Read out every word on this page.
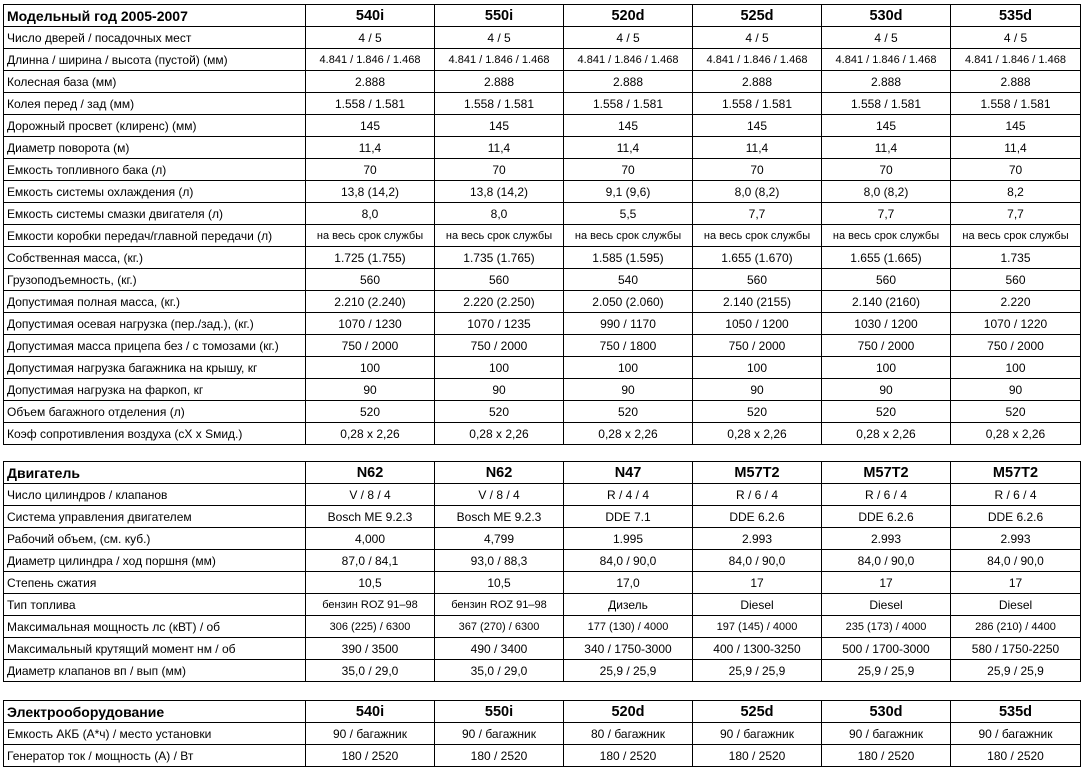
Модельный год 2005-2007	540i	550i	520d	525d	530d	535d
Число дверей / посадочных мест	4 / 5	4 / 5	4 / 5	4 / 5	4 / 5	4 / 5
Длинна / ширина / высота (пустой) (мм)	4.841 / 1.846 / 1.468	4.841 / 1.846 / 1.468	4.841 / 1.846 / 1.468	4.841 / 1.846 / 1.468	4.841 / 1.846 / 1.468	4.841 / 1.846 / 1.468
Колесная база (мм)	2.888	2.888	2.888	2.888	2.888	2.888
Колея перед / зад (мм)	1.558 / 1.581	1.558 / 1.581	1.558 / 1.581	1.558 / 1.581	1.558 / 1.581	1.558 / 1.581
Дорожный просвет (клиренс) (мм)	145	145	145	145	145	145
Диаметр поворота (м)	11,4	11,4	11,4	11,4	11,4	11,4
Емкость топливного бака (л)	70	70	70	70	70	70
Емкость системы охлаждения (л)	13,8 (14,2)	13,8 (14,2)	9,1 (9,6)	8,0 (8,2)	8,0 (8,2)	8,2
Емкость системы смазки двигателя (л)	8,0	8,0	5,5	7,7	7,7	7,7
Емкости коробки передач/главной передачи (л)	на весь срок службы	на весь срок службы	на весь срок службы	на весь срок службы	на весь срок службы	на весь срок службы
Собственная масса, (кг.)	1.725 (1.755)	1.735 (1.765)	1.585 (1.595)	1.655 (1.670)	1.655 (1.665)	1.735
Грузоподъемность, (кг.)	560	560	540	560	560	560
Допустимая полная масса, (кг.)	2.210 (2.240)	2.220 (2.250)	2.050 (2.060)	2.140 (2155)	2.140 (2160)	2.220
Допустимая осевая нагрузка (пер./зад.), (кг.)	1070 / 1230	1070 / 1235	990 / 1170	1050 / 1200	1030 / 1200	1070 / 1220
Допустимая масса прицепа без / с томозами (кг.)	750 / 2000	750 / 2000	750 / 1800	750 / 2000	750 / 2000	750 / 2000
Допустимая нагрузка багажника на крышу, кг	100	100	100	100	100	100
Допустимая нагрузка на фаркоп, кг	90	90	90	90	90	90
Объем багажного отделения (л)	520	520	520	520	520	520
Коэф сопротивления воздуха (cX x Sмид.)	0,28 x 2,26	0,28 x 2,26	0,28 x 2,26	0,28 x 2,26	0,28 x 2,26	0,28 x 2,26
Двигатель	N62	N62	N47	M57T2	M57T2	M57T2
Число цилиндров / клапанов	V / 8 / 4	V / 8 / 4	R / 4 / 4	R / 6 / 4	R / 6 / 4	R / 6 / 4
Система управления двигателем	Bosch ME 9.2.3	Bosch ME 9.2.3	DDE 7.1	DDE 6.2.6	DDE 6.2.6	DDE 6.2.6
Рабочий объем, (см. куб.)	4,000	4,799	1.995	2.993	2.993	2.993
Диаметр цилиндра / ход поршня (мм)	87,0 / 84,1	93,0 / 88,3	84,0 / 90,0	84,0 / 90,0	84,0 / 90,0	84,0 / 90,0
Степень сжатия	10,5	10,5	17,0	17	17	17
Тип топлива	бензин ROZ 91–98	бензин ROZ 91–98	Дизель	Diesel	Diesel	Diesel
Максимальная мощность лс (кВТ) / об	306 (225) / 6300	367 (270) / 6300	177 (130) / 4000	197 (145) / 4000	235 (173) / 4000	286 (210) / 4400
Максимальный крутящий момент нм / об	390 / 3500	490 / 3400	340 / 1750-3000	400 / 1300-3250	500 / 1700-3000	580 / 1750-2250
Диаметр клапанов вп / вып (мм)	35,0 / 29,0	35,0 / 29,0	25,9 / 25,9	25,9 / 25,9	25,9 / 25,9	25,9 / 25,9
Электрооборудование	540i	550i	520d	525d	530d	535d
Емкость АКБ (А*ч) / место установки	90 / багажник	90 / багажник	80 / багажник	90 / багажник	90 / багажник	90 / багажник
Генератор ток / мощность (А) / Вт	180 / 2520	180 / 2520	180 / 2520	180 / 2520	180 / 2520	180 / 2520
